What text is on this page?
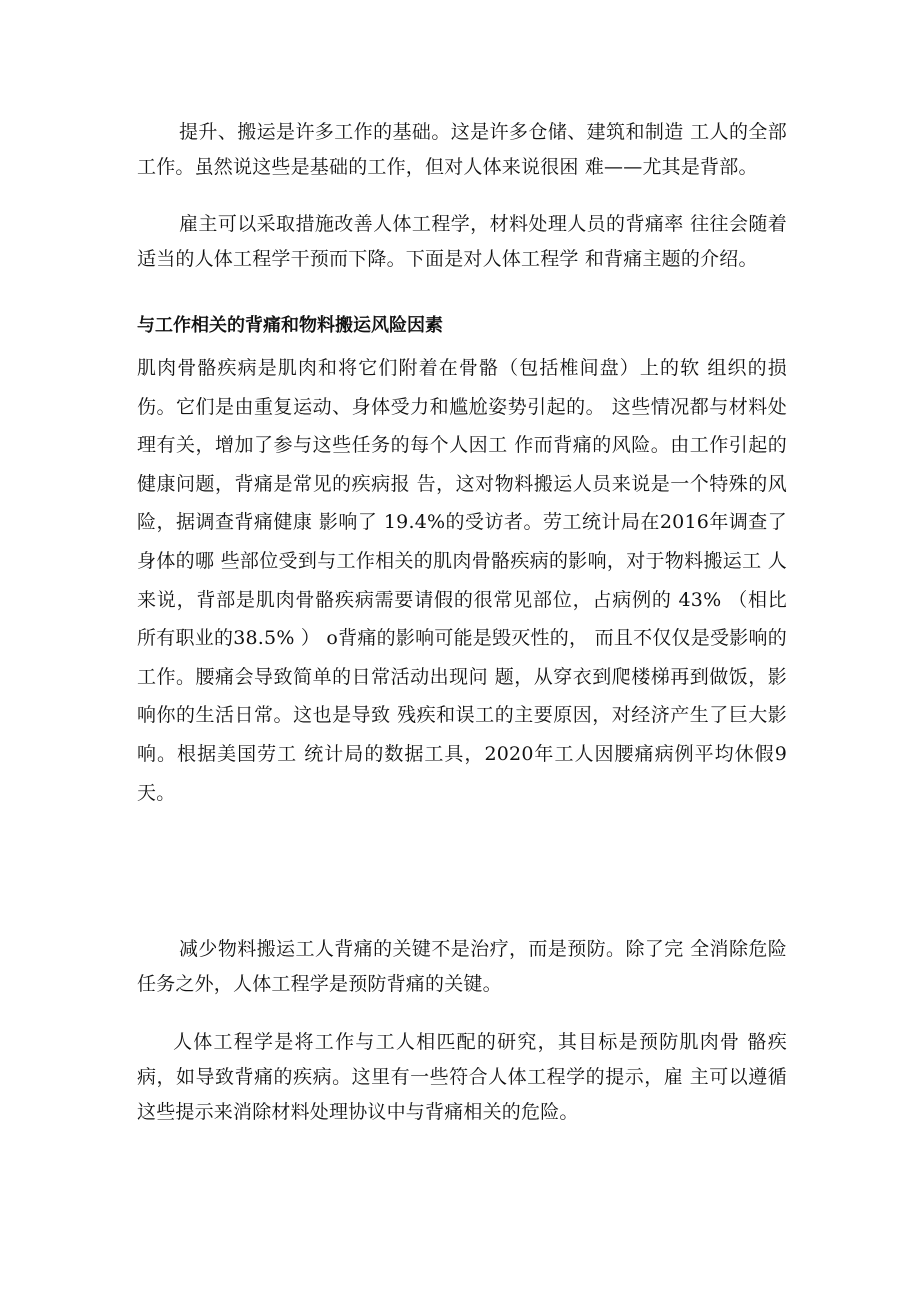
提升、搬运是许多工作的基础。这是许多仓储、建筑和制造 工人的全部工作。虽然说这些是基础的工作，但对人体来说很困 难——尤其是背部。

雇主可以采取措施改善人体工程学，材料处理人员的背痛率 往往会随着适当的人体工程学干预而下降。下面是对人体工程学 和背痛主题的介绍。

与工作相关的背痛和物料搬运风险因素

肌肉骨骼疾病是肌肉和将它们附着在骨骼（包括椎间盘）上的软 组织的损伤。它们是由重复运动、身体受力和尴尬姿势引起的。 这些情况都与材料处理有关，增加了参与这些任务的每个人因工 作而背痛的风险。由工作引起的健康问题，背痛是常见的疾病报 告，这对物料搬运人员来说是一个特殊的风险，据调查背痛健康 影响了 19.4%的受访者。劳工统计局在2016年调查了身体的哪 些部位受到与工作相关的肌肉骨骼疾病的影响，对于物料搬运工 人来说，背部是肌肉骨骼疾病需要请假的很常见部位，占病例的 43% （相比所有职业的38.5% ） o背痛的影响可能是毁灭性的， 而且不仅仅是受影响的工作。腰痛会导致简单的日常活动出现问 题，从穿衣到爬楼梯再到做饭，影响你的生活日常。这也是导致 残疾和误工的主要原因，对经济产生了巨大影响。根据美国劳工 统计局的数据工具，2020年工人因腰痛病例平均休假9天。

减少物料搬运工人背痛的关键不是治疗，而是预防。除了完 全消除危险任务之外，人体工程学是预防背痛的关键。

人体工程学是将工作与工人相匹配的研究，其目标是预防肌肉骨 骼疾病，如导致背痛的疾病。这里有一些符合人体工程学的提示，雇 主可以遵循这些提示来消除材料处理协议中与背痛相关的危险。
